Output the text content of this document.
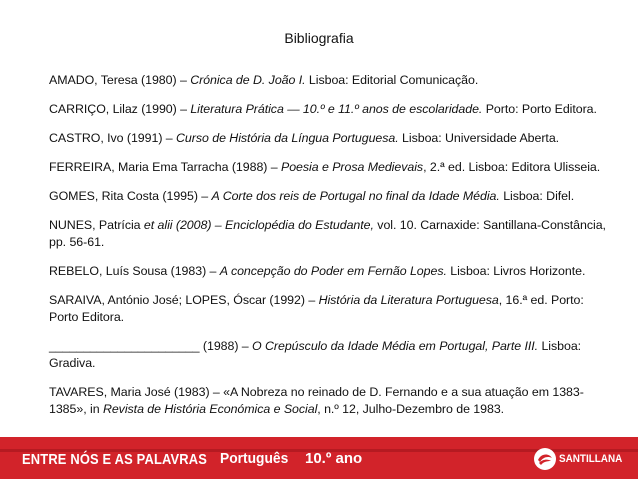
Bibliografia

AMADO, Teresa (1980) – Crónica de D. João I. Lisboa: Editorial Comunicação.

CARRIÇO, Lilaz (1990) – Literatura Prática — 10.º e 11.º anos de escolaridade. Porto: Porto Editora.

CASTRO, Ivo (1991) – Curso de História da Língua Portuguesa. Lisboa: Universidade Aberta.

FERREIRA, Maria Ema Tarracha (1988) – Poesia e Prosa Medievais, 2.ª ed. Lisboa: Editora Ulisseia.

GOMES, Rita Costa (1995) – A Corte dos reis de Portugal no final da Idade Média. Lisboa: Difel.

NUNES, Patrícia et alii (2008) – Enciclopédia do Estudante, vol. 10. Carnaxide: Santillana-Constância, pp. 56-61.

REBELO, Luís Sousa (1983) – A concepção do Poder em Fernão Lopes. Lisboa: Livros Horizonte.

SARAIVA, António José; LOPES, Óscar (1992) – História da Literatura Portuguesa, 16.ª ed. Porto: Porto Editora.

______________________ (1988) – O Crepúsculo da Idade Média em Portugal, Parte III. Lisboa: Gradiva.

TAVARES, Maria José (1983) – «A Nobreza no reinado de D. Fernando e a sua atuação em 1383-1385», in Revista de História Económica e Social, n.º 12, Julho-Dezembro de 1983.

ENTRE NÓS E AS PALAVRAS Português 10.º ano	SANTILLANA
